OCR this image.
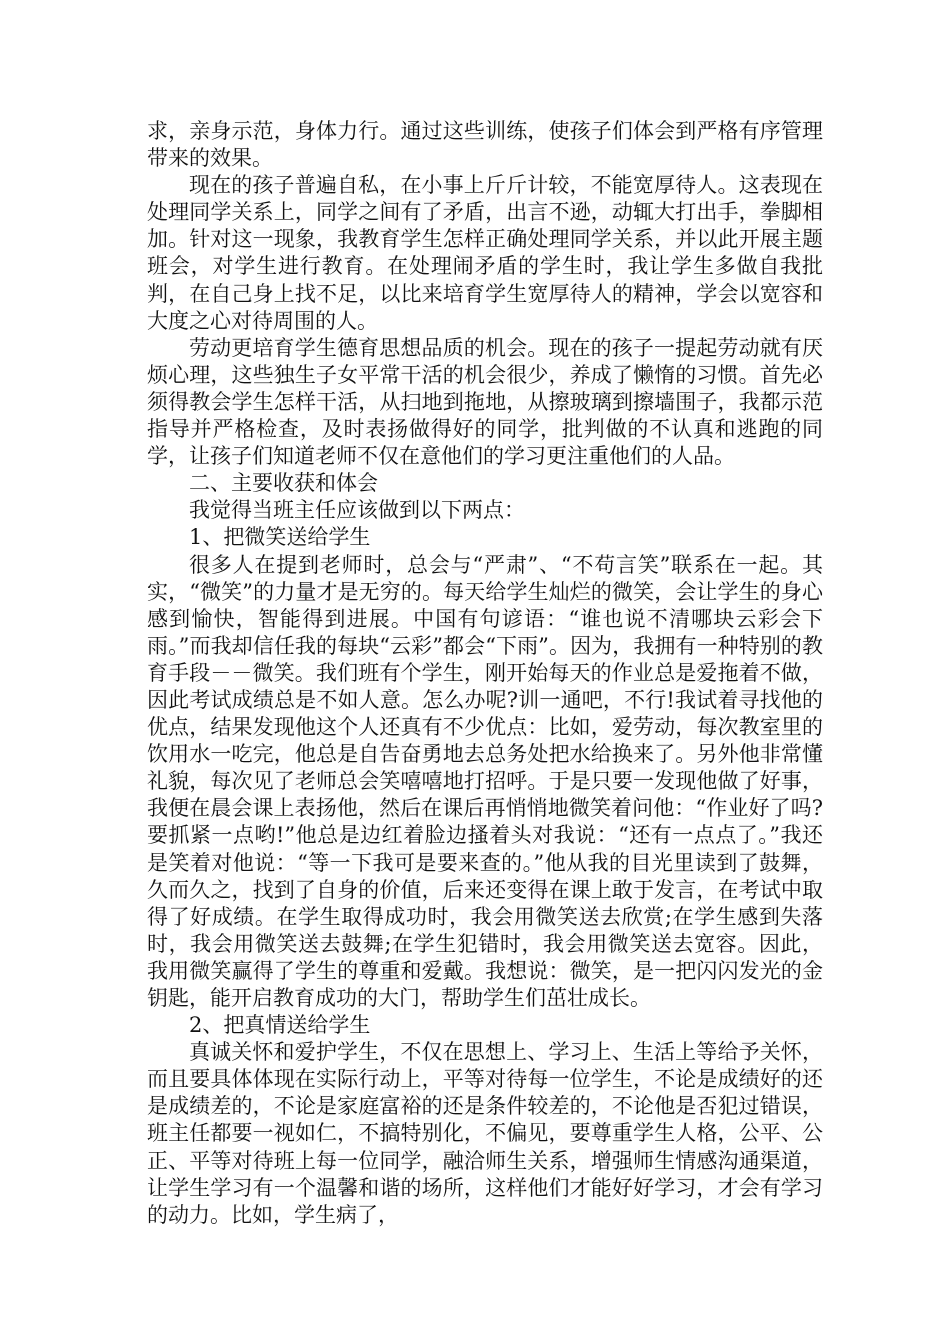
求，亲身示范，身体力行。通过这些训练，使孩子们体会到严格有序管理带来的效果。

现在的孩子普遍自私，在小事上斤斤计较，不能宽厚待人。这表现在处理同学关系上，同学之间有了矛盾，出言不逊，动辄大打出手，拳脚相加。针对这一现象，我教育学生怎样正确处理同学关系，并以此开展主题班会，对学生进行教育。在处理闹矛盾的学生时，我让学生多做自我批判，在自己身上找不足，以比来培育学生宽厚待人的精神，学会以宽容和大度之心对待周围的人。

劳动更培育学生德育思想品质的机会。现在的孩子一提起劳动就有厌烦心理，这些独生子女平常干活的机会很少，养成了懒惰的习惯。首先必须得教会学生怎样干活，从扫地到拖地，从擦玻璃到擦墙围子，我都示范指导并严格检查，及时表扬做得好的同学，批判做的不认真和逃跑的同学，让孩子们知道老师不仅在意他们的学习更注重他们的人品。

二、主要收获和体会

我觉得当班主任应该做到以下两点：

1、把微笑送给学生

很多人在提到老师时，总会与“严肃”、“不苟言笑”联系在一起。其实，“微笑”的力量才是无穷的。每天给学生灿烂的微笑，会让学生的身心感到愉快，智能得到进展。中国有句谚语：“谁也说不清哪块云彩会下雨。”而我却信任我的每块“云彩”都会“下雨”。因为，我拥有一种特别的教育手段－－微笑。我们班有个学生，刚开始每天的作业总是爱拖着不做，因此考试成绩总是不如人意。怎么办呢?训一通吧，不行!我试着寻找他的优点，结果发现他这个人还真有不少优点：比如，爱劳动，每次教室里的饮用水一吃完，他总是自告奋勇地去总务处把水给换来了。另外他非常懂礼貌，每次见了老师总会笑嘻嘻地打招呼。于是只要一发现他做了好事，我便在晨会课上表扬他，然后在课后再悄悄地微笑着问他：“作业好了吗?要抓紧一点哟!”他总是边红着脸边搔着头对我说：“还有一点点了。”我还是笑着对他说：“等一下我可是要来查的。”他从我的目光里读到了鼓舞，久而久之，找到了自身的价值，后来还变得在课上敢于发言，在考试中取得了好成绩。在学生取得成功时，我会用微笑送去欣赏;在学生感到失落时，我会用微笑送去鼓舞;在学生犯错时，我会用微笑送去宽容。因此，我用微笑赢得了学生的尊重和爱戴。我想说：微笑，是一把闪闪发光的金钥匙，能开启教育成功的大门，帮助学生们茁壮成长。

2、把真情送给学生

真诚关怀和爱护学生，不仅在思想上、学习上、生活上等给予关怀，而且要具体体现在实际行动上，平等对待每一位学生，不论是成绩好的还是成绩差的，不论是家庭富裕的还是条件较差的，不论他是否犯过错误，班主任都要一视如仁，不搞特别化，不偏见，要尊重学生人格，公平、公正、平等对待班上每一位同学，融洽师生关系，增强师生情感沟通渠道，让学生学习有一个温馨和谐的场所，这样他们才能好好学习，才会有学习的动力。比如，学生病了，
